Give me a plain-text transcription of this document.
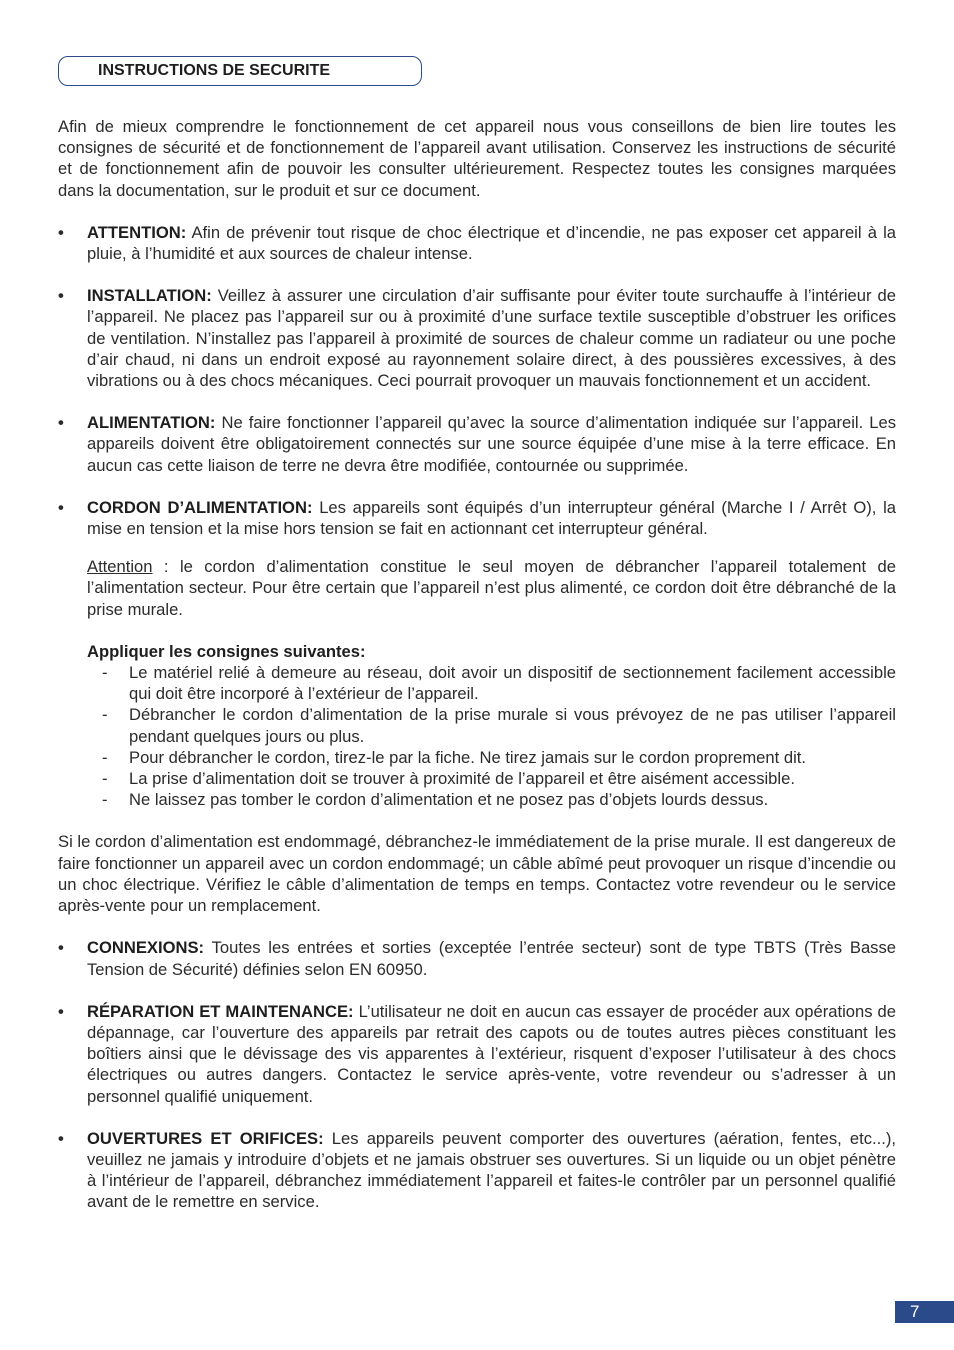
INSTRUCTIONS DE SECURITE

Afin de mieux comprendre le fonctionnement de cet appareil nous vous conseillons de bien lire toutes les consignes de sécurité et de fonctionnement de l’appareil avant utilisation. Conservez les instructions de sécurité et de fonctionnement afin de pouvoir les consulter ultérieurement. Respectez toutes les consignes marquées dans la documentation, sur le produit et sur ce document.

• ATTENTION: Afin de prévenir tout risque de choc électrique et d’incendie, ne pas exposer cet appareil à la pluie, à l’humidité et aux sources de chaleur intense.

• INSTALLATION: Veillez à assurer une circulation d’air suffisante pour éviter toute surchauffe à l’intérieur de l’appareil. Ne placez pas l’appareil sur ou à proximité d’une surface textile susceptible d’obstruer les orifices de ventilation. N’installez pas l’appareil à proximité de sources de chaleur comme un radiateur ou une poche d’air chaud, ni dans un endroit exposé au rayonnement solaire direct, à des poussières excessives, à des vibrations ou à des chocs mécaniques. Ceci pourrait provoquer un mauvais fonctionnement et un accident.

• ALIMENTATION: Ne faire fonctionner l’appareil qu’avec la source d’alimentation indiquée sur l’appareil. Les appareils doivent être obligatoirement connectés sur une source équipée d’une mise à la terre efficace. En aucun cas cette liaison de terre ne devra être modifiée, contournée ou supprimée.

• CORDON D’ALIMENTATION: Les appareils sont équipés d’un interrupteur général (Marche I / Arrêt O), la mise en tension et la mise hors tension se fait en actionnant cet interrupteur général.

Attention : le cordon d’alimentation constitue le seul moyen de débrancher l’appareil totalement de l’alimentation secteur. Pour être certain que l’appareil n’est plus alimenté, ce cordon doit être débranché de la prise murale.

Appliquer les consignes suivantes:
- Le matériel relié à demeure au réseau, doit avoir un dispositif de sectionnement facilement accessible qui doit être incorporé à l’extérieur de l’appareil.
- Débrancher le cordon d’alimentation de la prise murale si vous prévoyez de ne pas utiliser l’appareil pendant quelques jours ou plus.
- Pour débrancher le cordon, tirez-le par la fiche. Ne tirez jamais sur le cordon proprement dit.
- La prise d’alimentation doit se trouver à proximité de l’appareil et être aisément accessible.
- Ne laissez pas tomber le cordon d’alimentation et ne posez pas d’objets lourds dessus.

Si le cordon d’alimentation est endommagé, débranchez-le immédiatement de la prise murale. Il est dangereux de faire fonctionner un appareil avec un cordon endommagé; un câble abîmé peut provoquer un risque d’incendie ou un choc électrique. Vérifiez le câble d’alimentation de temps en temps. Contactez votre revendeur ou le service après-vente pour un remplacement.

• CONNEXIONS: Toutes les entrées et sorties (exceptée l’entrée secteur) sont de type TBTS (Très Basse Tension de Sécurité) définies selon EN 60950.

• RÉPARATION ET MAINTENANCE: L’utilisateur ne doit en aucun cas essayer de procéder aux opérations de dépannage, car l’ouverture des appareils par retrait des capots ou de toutes autres pièces constituant les boîtiers ainsi que le dévissage des vis apparentes à l’extérieur, risquent d’exposer l’utilisateur à des chocs électriques ou autres dangers. Contactez le service après-vente, votre revendeur ou s’adresser à un personnel qualifié uniquement.

• OUVERTURES ET ORIFICES: Les appareils peuvent comporter des ouvertures (aération, fentes, etc...), veuillez ne jamais y introduire d’objets et ne jamais obstruer ses ouvertures. Si un liquide ou un objet pénètre à l’intérieur de l’appareil, débranchez immédiatement l’appareil et faites-le contrôler par un personnel qualifié avant de le remettre en service.

7
